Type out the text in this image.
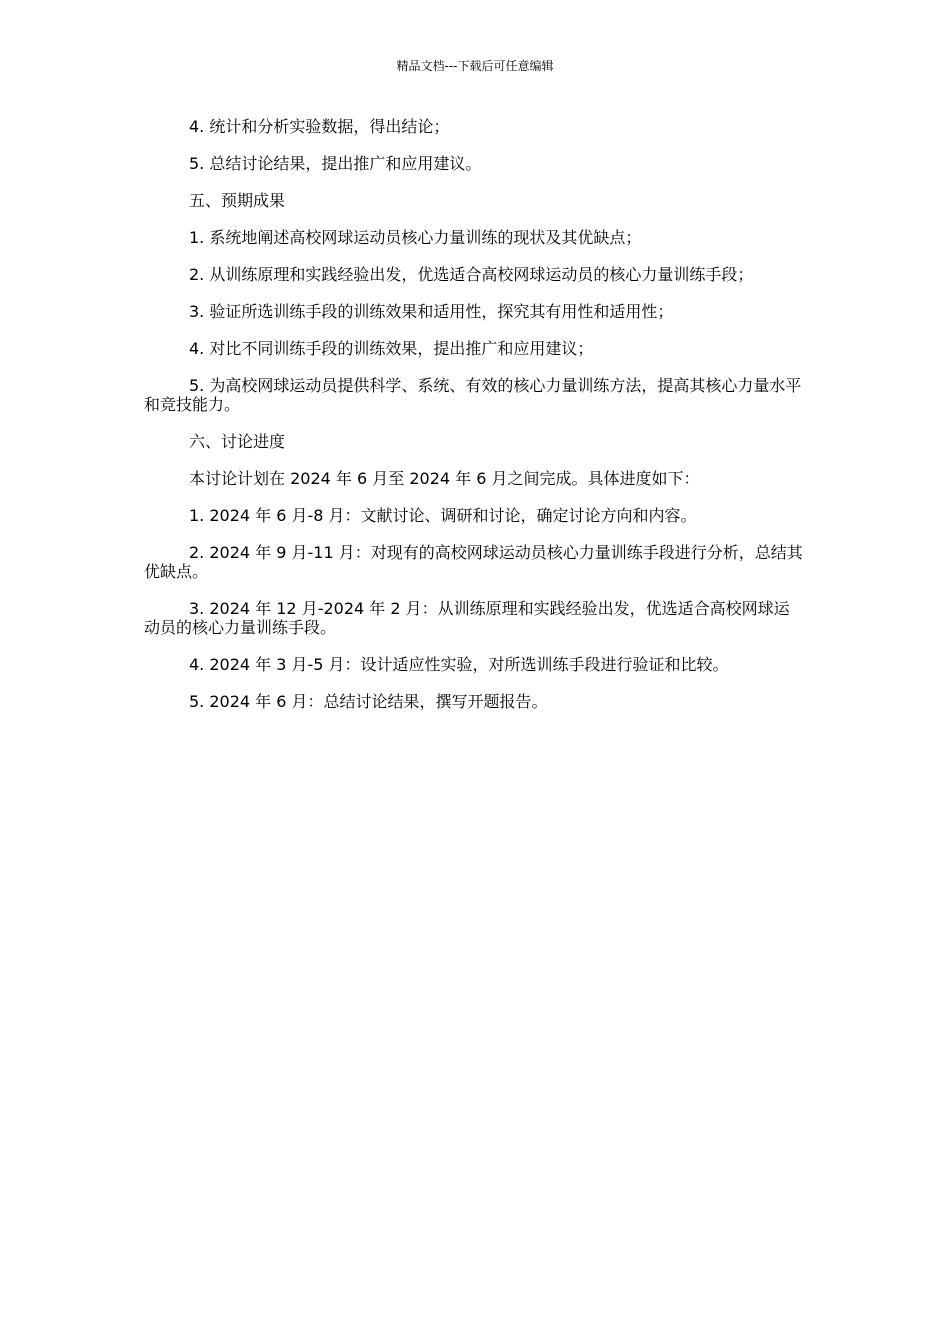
精品文档---下载后可任意编辑

4. 统计和分析实验数据，得出结论；

5. 总结讨论结果，提出推广和应用建议。

五、预期成果

1. 系统地阐述高校网球运动员核心力量训练的现状及其优缺点；

2. 从训练原理和实践经验出发，优选适合高校网球运动员的核心力量训练手段；

3. 验证所选训练手段的训练效果和适用性，探究其有用性和适用性；

4. 对比不同训练手段的训练效果，提出推广和应用建议；

5. 为高校网球运动员提供科学、系统、有效的核心力量训练方法，提高其核心力量水平和竞技能力。

六、讨论进度

本讨论计划在 2024 年 6 月至 2024 年 6 月之间完成。具体进度如下：

1. 2024 年 6 月-8 月：文献讨论、调研和讨论，确定讨论方向和内容。

2. 2024 年 9 月-11 月：对现有的高校网球运动员核心力量训练手段进行分析，总结其优缺点。

3. 2024 年 12 月-2024 年 2 月：从训练原理和实践经验出发，优选适合高校网球运动员的核心力量训练手段。

4. 2024 年 3 月-5 月：设计适应性实验，对所选训练手段进行验证和比较。

5. 2024 年 6 月：总结讨论结果，撰写开题报告。
